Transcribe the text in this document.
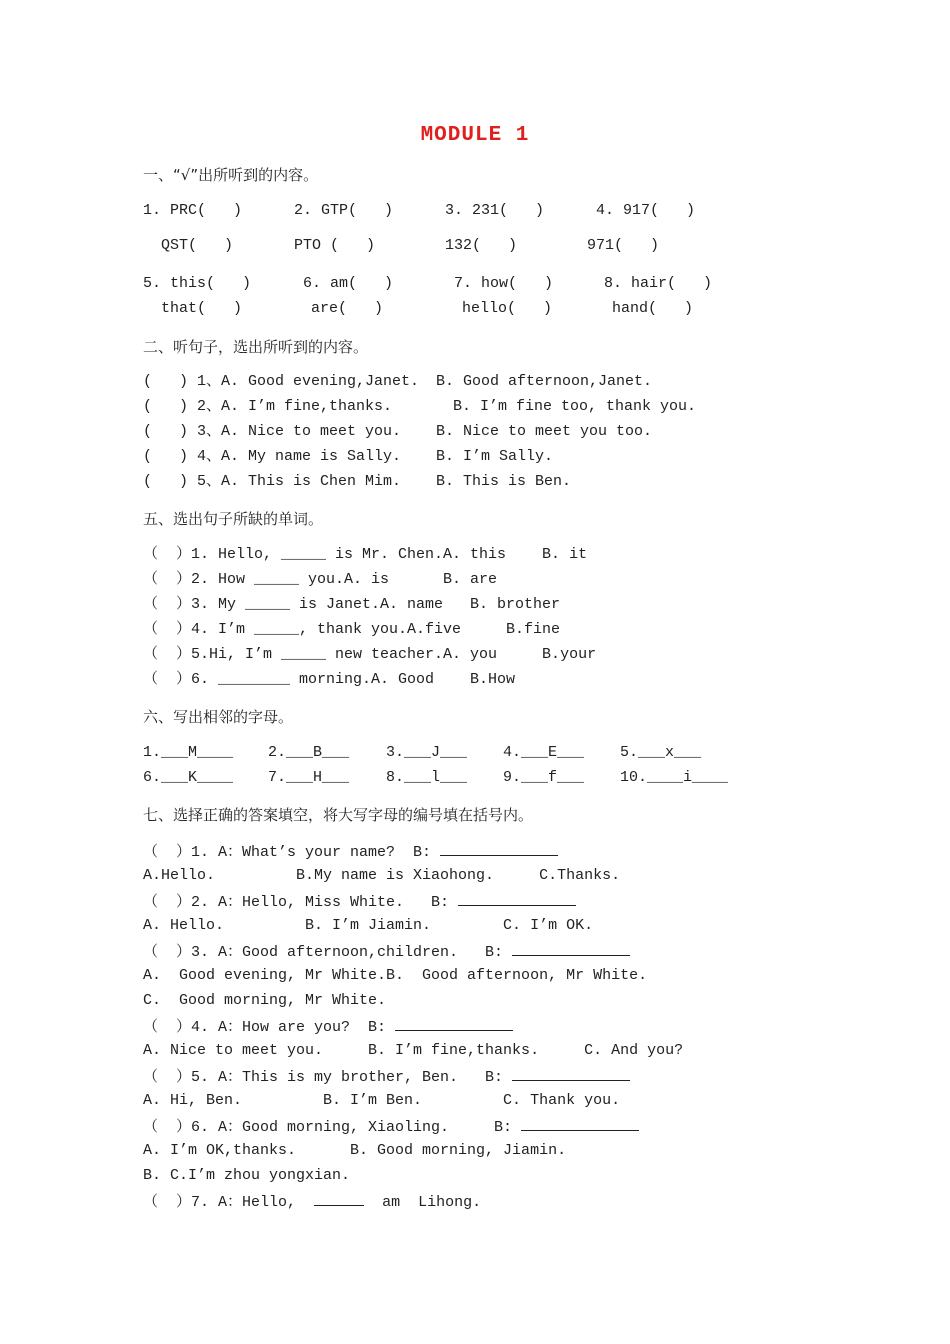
MODULE 1
一、“√”出所听到的内容。
1. PRC(   )	2. GTP(   )	3. 231(   )	4. 917(   )
QST(   )	PTO (   )	132(   )	971(   )
5. this(   )	6. am(   )	7. how(   )	8. hair(   )
that(   )	are(   )	hello(   )	hand(   )
二、听句子，选出所听到的内容。
(   ) 1、A. Good evening,Janet. B. Good afternoon,Janet.
(   ) 2、A. I’m fine,thanks.	B. I’m fine too, thank you.
(   ) 3、A. Nice to meet you. B. Nice to meet you too.
(   ) 4、A. My name is Sally. B. I’m Sally.
(   ) 5、A. This is Chen Mim. B. This is Ben.
五、选出句子所缺的单词。
（  ）1. Hello, _____ is Mr. Chen.A. this    B. it
（  ）2. How _____ you.A. is      B. are
（  ）3. My _____ is Janet.A. name   B. brother
（  ）4. I’m _____, thank you.A.five     B.fine
（  ）5.Hi, I’m _____ new teacher.A. you     B.your
（  ）6. ________ morning.A. Good    B.How
六、写出相邻的字母。
1.___M____ 2.___B___ 3.___J___ 4.___E___ 5.___x___
6.___K____ 7.___H___ 8.___l___ 9.___f___ 10.____i____
七、选择正确的答案填空，将大写字母的编号填在括号内。
（  ）1. A：What’s your name?  B:
A.Hello.         B.My name is Xiaohong.     C.Thanks.
（  ）2. A：Hello, Miss White.   B:
A. Hello.         B. I’m Jiamin.        C. I’m OK.
（  ）3. A：Good afternoon,children.   B:
A.  Good evening, Mr White.B.  Good afternoon, Mr White.
C.  Good morning, Mr White.
（  ）4. A：How are you?  B:
A. Nice to meet you.     B. I’m fine,thanks.     C. And you?
（  ）5. A：This is my brother, Ben.   B:
A. Hi, Ben.         B. I’m Ben.         C. Thank you.
（  ）6. A：Good morning, Xiaoling.     B:
A. I’m OK,thanks.      B. Good morning, Jiamin.
B. C.I’m zhou yongxian.
（  ）7. A：Hello,	am  Lihong.
